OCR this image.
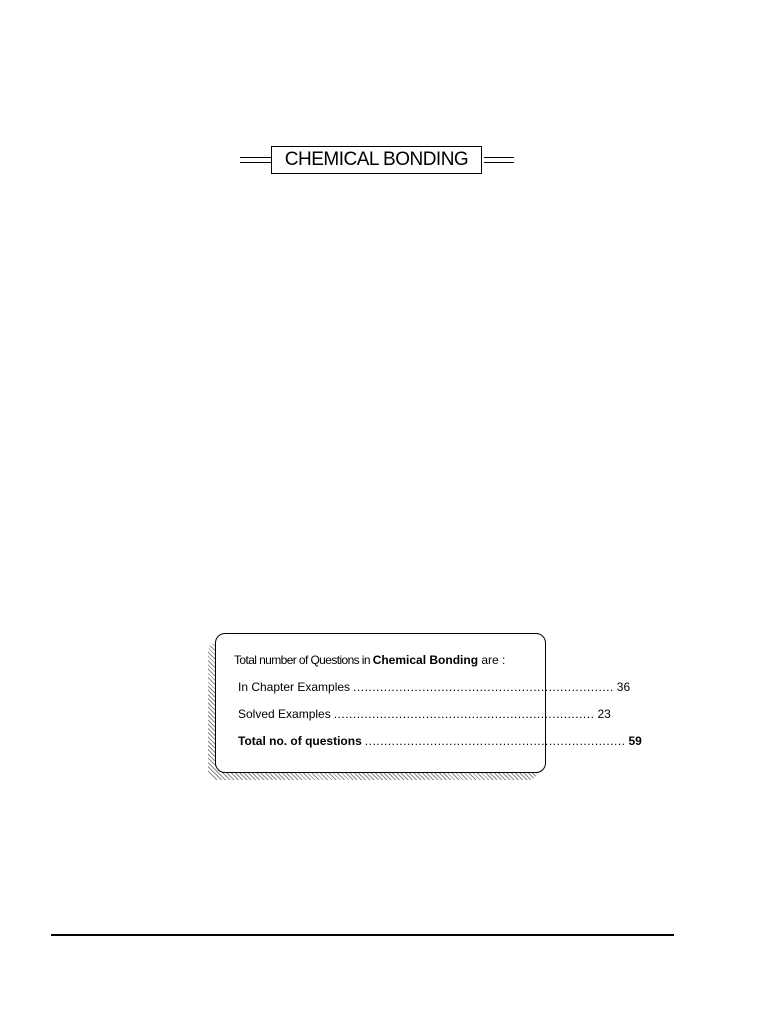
CHEMICAL BONDING
Total number of Questions in Chemical Bonding are :
In Chapter Examples .................................................................... 36
Solved Examples .................................................................... 23
Total no. of questions .................................................................... 59
